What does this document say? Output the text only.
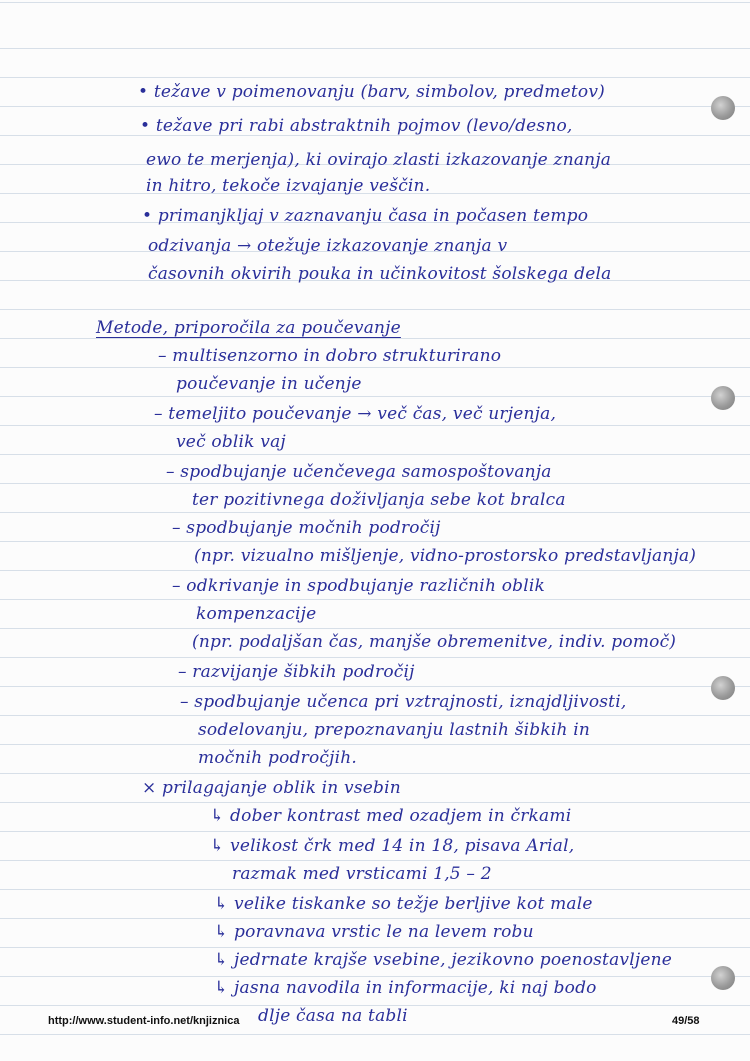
• težave v poimenovanju (barv, simbolov, predmetov)
• težave pri rabi abstraktnih pojmov (levo/desno,
ewo te merjenja), ki ovirajo zlasti izkazovanje znanja
in hitro, tekoče izvajanje veščin.
• primanjkljaj v zaznavanju časa in počasen tempo
odzivanja → otežuje izkazovanje znanja v
časovnih okvirih pouka in učinkovitost šolskega dela
Metode, priporočila za poučevanje
– multisenzorno in dobro strukturirano
poučevanje in učenje
– temeljito poučevanje → več čas, več urjenja,
več oblik vaj
– spodbujanje učenčevega samospoštovanja
ter pozitivnega doživljanja sebe kot bralca
– spodbujanje močnih področij
(npr. vizualno mišljenje, vidno-prostorsko predstavljanja)
– odkrivanje in spodbujanje različnih oblik
kompenzacije
(npr. podaljšan čas, manjše obremenitve, indiv. pomoč)
– razvijanje šibkih področij
– spodbujanje učenca pri vztrajnosti, iznajdljivosti,
sodelovanju, prepoznavanju lastnih šibkih in
močnih področjih.
× prilagajanje oblik in vsebin
↳ dober kontrast med ozadjem in črkami
↳ velikost črk med 14 in 18, pisava Arial,
razmak med vrsticami 1,5 – 2
↳ velike tiskanke so težje berljive kot male
↳ poravnava vrstic le na levem robu
↳ jedrnate krajše vsebine, jezikovno poenostavljene
↳ jasna navodila in informacije, ki naj bodo
dlje časa na tabli
http://www.student-info.net/knjiznica	49/58
